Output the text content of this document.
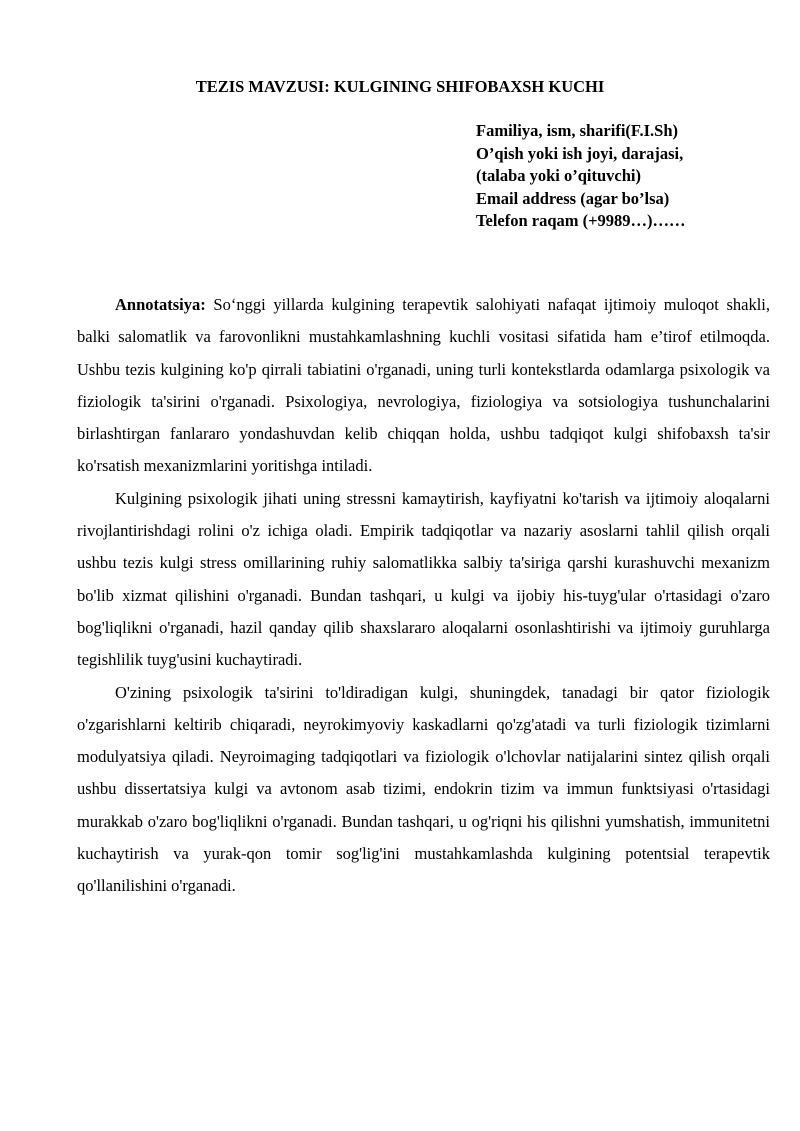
TEZIS MAVZUSI: KULGINING SHIFOBAXSH KUCHI
Familiya, ism, sharifi(F.I.Sh)
O’qish yoki ish joyi, darajasi,
(talaba yoki o’qituvchi)
Email address (agar bo’lsa)
Telefon raqam (+9989…)……

Annotatsiya: So‘nggi yillarda kulgining terapevtik salohiyati nafaqat ijtimoiy muloqot shakli, balki salomatlik va farovonlikni mustahkamlashning kuchli vositasi sifatida ham e’tirof etilmoqda. Ushbu tezis kulgining ko'p qirrali tabiatini o'rganadi, uning turli kontekstlarda odamlarga psixologik va fiziologik ta'sirini o'rganadi. Psixologiya, nevrologiya, fiziologiya va sotsiologiya tushunchalarini birlashtirgan fanlararo yondashuvdan kelib chiqqan holda, ushbu tadqiqot kulgi shifobaxsh ta'sir ko'rsatish mexanizmlarini yoritishga intiladi.

Kulgining psixologik jihati uning stressni kamaytirish, kayfiyatni ko'tarish va ijtimoiy aloqalarni rivojlantirishdagi rolini o'z ichiga oladi. Empirik tadqiqotlar va nazariy asoslarni tahlil qilish orqali ushbu tezis kulgi stress omillarining ruhiy salomatlikka salbiy ta'siriga qarshi kurashuvchi mexanizm bo'lib xizmat qilishini o'rganadi. Bundan tashqari, u kulgi va ijobiy his-tuyg'ular o'rtasidagi o'zaro bog'liqlikni o'rganadi, hazil qanday qilib shaxslararo aloqalarni osonlashtirishi va ijtimoiy guruhlarga tegishlilik tuyg'usini kuchaytiradi.

O'zining psixologik ta'sirini to'ldiradigan kulgi, shuningdek, tanadagi bir qator fiziologik o'zgarishlarni keltirib chiqaradi, neyrokimyoviy kaskadlarni qo'zg'atadi va turli fiziologik tizimlarni modulyatsiya qiladi. Neyroimaging tadqiqotlari va fiziologik o'lchovlar natijalarini sintez qilish orqali ushbu dissertatsiya kulgi va avtonom asab tizimi, endokrin tizim va immun funktsiyasi o'rtasidagi murakkab o'zaro bog'liqlikni o'rganadi. Bundan tashqari, u og'riqni his qilishni yumshatish, immunitetni kuchaytirish va yurak-qon tomir sog'lig'ini mustahkamlashda kulgining potentsial terapevtik qo'llanilishini o'rganadi.
